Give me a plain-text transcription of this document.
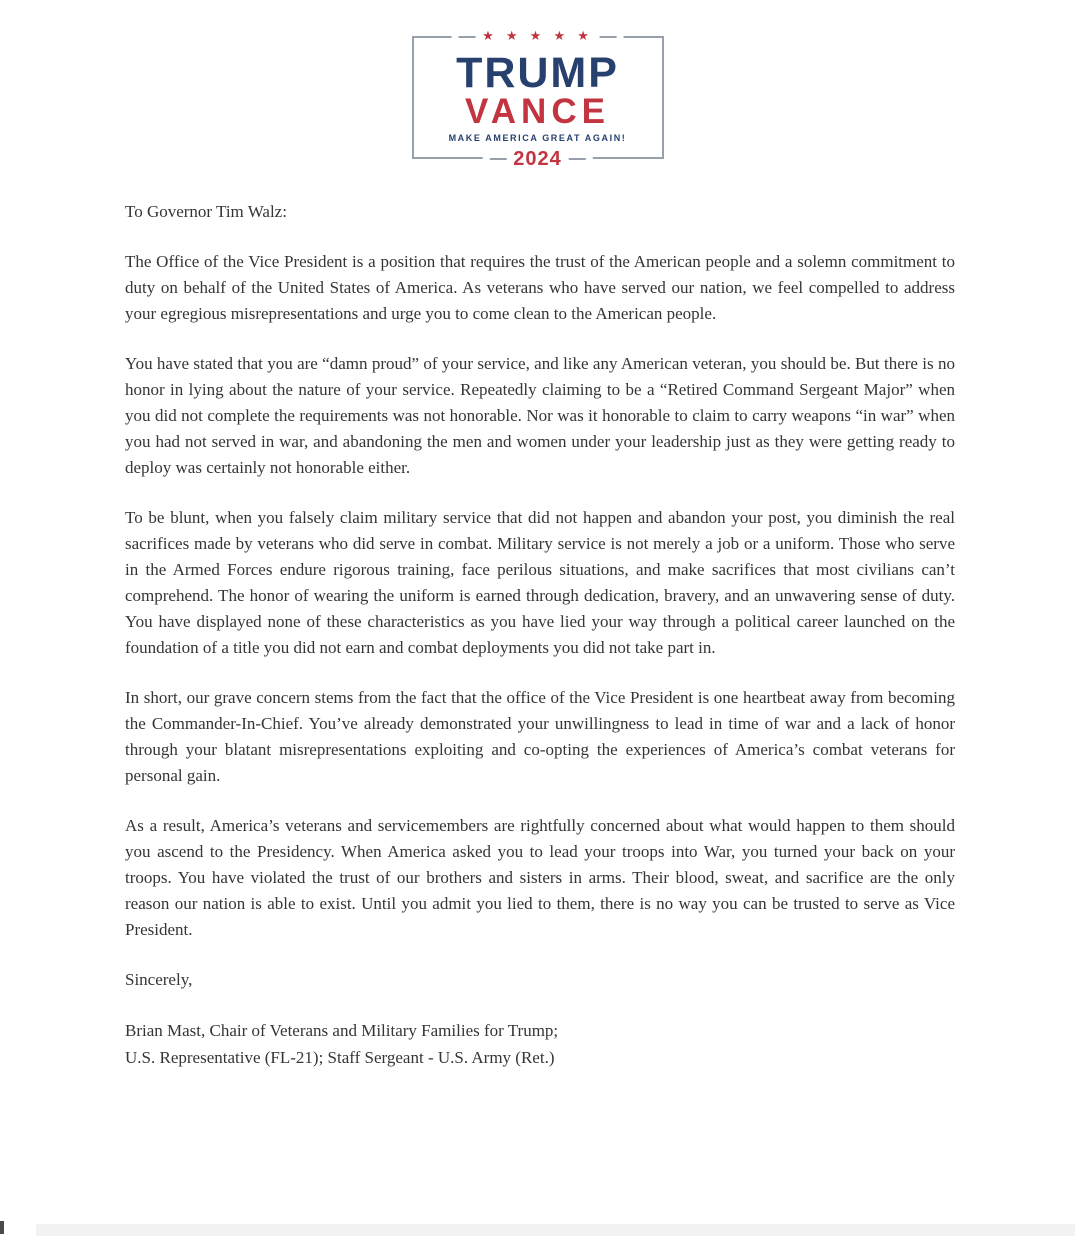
★ ★ ★ ★ ★
TRUMP
VANCE
MAKE AMERICA GREAT AGAIN!
2024
To Governor Tim Walz:

The Office of the Vice President is a position that requires the trust of the American people and a solemn commitment to duty on behalf of the United States of America. As veterans who have served our nation, we feel compelled to address your egregious misrepresentations and urge you to come clean to the American people.

You have stated that you are “damn proud” of your service, and like any American veteran, you should be. But there is no honor in lying about the nature of your service. Repeatedly claiming to be a “Retired Command Sergeant Major” when you did not complete the requirements was not honorable. Nor was it honorable to claim to carry weapons “in war” when you had not served in war, and abandoning the men and women under your leadership just as they were getting ready to deploy was certainly not honorable either.

To be blunt, when you falsely claim military service that did not happen and abandon your post, you diminish the real sacrifices made by veterans who did serve in combat. Military service is not merely a job or a uniform. Those who serve in the Armed Forces endure rigorous training, face perilous situations, and make sacrifices that most civilians can’t comprehend. The honor of wearing the uniform is earned through dedication, bravery, and an unwavering sense of duty. You have displayed none of these characteristics as you have lied your way through a political career launched on the foundation of a title you did not earn and combat deployments you did not take part in.

In short, our grave concern stems from the fact that the office of the Vice President is one heartbeat away from becoming the Commander-In-Chief. You’ve already demonstrated your unwillingness to lead in time of war and a lack of honor through your blatant misrepresentations exploiting and co-opting the experiences of America’s combat veterans for personal gain.

As a result, America’s veterans and servicemembers are rightfully concerned about what would happen to them should you ascend to the Presidency. When America asked you to lead your troops into War, you turned your back on your troops. You have violated the trust of our brothers and sisters in arms. Their blood, sweat, and sacrifice are the only reason our nation is able to exist. Until you admit you lied to them, there is no way you can be trusted to serve as Vice President.

Sincerely,
Brian Mast, Chair of Veterans and Military Families for Trump;
U.S. Representative (FL-21); Staff Sergeant - U.S. Army (Ret.)
